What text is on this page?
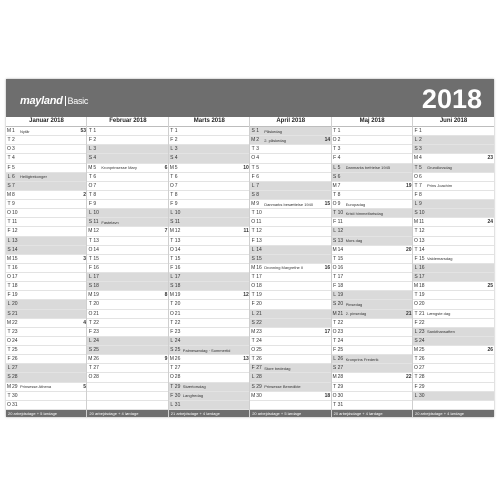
mayland Basic	2018
Januar 2018
M 1	Nytår	53
T 2
O 3
T 4
F 5
L 6	Helligtrekonger
S 7
M 8	2
T 9
O 10
T 11
F 12
L 13
S 14
M 15	3
T 16
O 17
T 18
F 19
L 20
S 21
M 22	4
T 23
O 24
T 25
F 26
L 27
S 28
M 29 Prinsesse Athena	5
T 30
O 31
20 arbejdsdage + 5 lørdage
Februar 2018
T 1
F 2
L 3
S 4
M 5	Kronprinsesse Mary	6
T 6
O 7
T 8
F 9
L 10
S 11 Fastelavn
M 12	7
T 13
O 14
T 15
F 16
L 17
S 18
M 19	8
T 20
O 21
T 22
F 23
L 24
S 25
M 26	9
T 27
O 28
20 arbejdsdage + 4 lørdage
Marts 2018
T 1
F 2
L 3
S 4
M 5	10
T 6
O 7
T 8
F 9
L 10
S 11
M 12	11
T 13
O 14
T 15
F 16
L 17
S 18
M 19	12
T 20
O 21
T 22
F 23
L 24
S 25 Palmesøndag · Sommertid
M 26	13
T 27
O 28
T 29 Skærtorsdag
F 30 Langfredag
L 31
21 arbejdsdage + 4 lørdage
April 2018
S 1	Påskedag
M 2	2. påskedag	14
T 3
O 4
T 5
F 6
L 7
S 8
M 9	Danmarks besættelse 1940	15
T 10
O 11
T 12
F 13
L 14
S 15
M 16 Dronning Margrethe II	16
T 17
O 18
T 19
F 20
L 21
S 22
M 23	17
T 24
O 25
T 26
F 27 Store bededag
L 28
S 29 Prinsesse Benedikte
M 30	18
20 arbejdsdage + 5 lørdage
Maj 2018
T 1
O 2
T 3
F 4
L 5	Danmarks befrielse 1945
S 6
M 7	19
T 8
O 9	Europadag
T 10 Kristi himmelfartsdag
F 11
L 12
S 13 Mors dag
M 14	20
T 15
O 16
T 17
F 18
L 19
S 20 Pinsedag
M 21 2. pinsedag	21
T 22
O 23
T 24
F 25
L 26 Kronprins Frederik
S 27
M 28	22
T 29
O 30
T 31
20 arbejdsdage + 4 lørdage
Juni 2018
F 1
L 2
S 3
M 4	23
T 5	Grundlovsdag
O 6
T 7	Prins Joachim
F 8
L 9
S 10
M 11	24
T 12
O 13
T 14
F 15 Valdemarsdag
L 16
S 17
M 18	25
T 19
O 20
T 21 Længste dag
F 22
L 23 Sankthansaften
S 24
M 25	26
T 26
O 27
T 28
F 29
L 30
20 arbejdsdage + 4 lørdage
